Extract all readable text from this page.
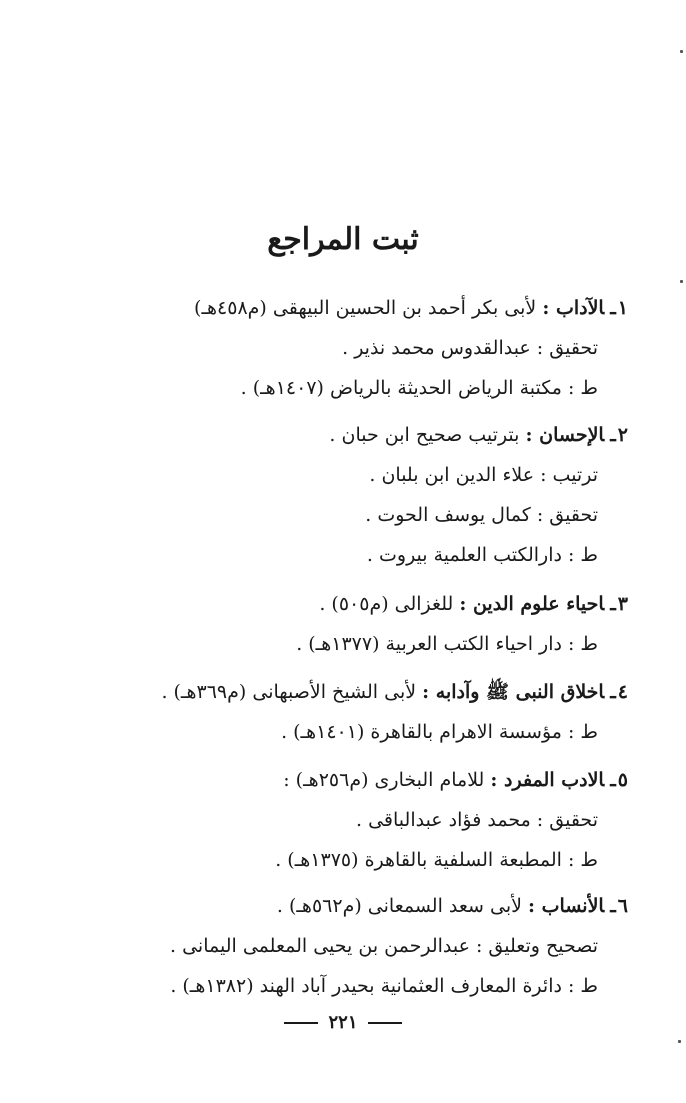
ثبت المراجع
١ـالآداب : لأبى بكر أحمد بن الحسين البيهقى (م٤٥٨هـ)
تحقيق : عبدالقدوس محمد نذير .
ط : مكتبة الرياض الحديثة بالرياض (١٤٠٧هـ) .
٢ـالإحسان : بترتيب صحيح ابن حبان .
ترتيب : علاء الدين ابن بلبان .
تحقيق : كمال يوسف الحوت .
ط : دارالكتب العلمية بيروت .
٣ـاحياء علوم الدين : للغزالى (م٥٠٥) .
ط : دار احياء الكتب العربية (١٣٧٧هـ) .
٤ـاخلاق النبى ﷺ وآدابه : لأبى الشيخ الأصبهانى (م٣٦٩هـ) .
ط : مؤسسة الاهرام بالقاهرة (١٤٠١هـ) .
٥ـالادب المفرد : للامام البخارى (م٢٥٦هـ) :
تحقيق : محمد فؤاد عبدالباقى .
ط : المطبعة السلفية بالقاهرة (١٣٧٥هـ) .
٦ـالأنساب : لأبى سعد السمعانى (م٥٦٢هـ) .
تصحيح وتعليق : عبدالرحمن بن يحيى المعلمى اليمانى .
ط : دائرة المعارف العثمانية بحيدر آباد الهند (١٣٨٢هـ) .
٢٢١
